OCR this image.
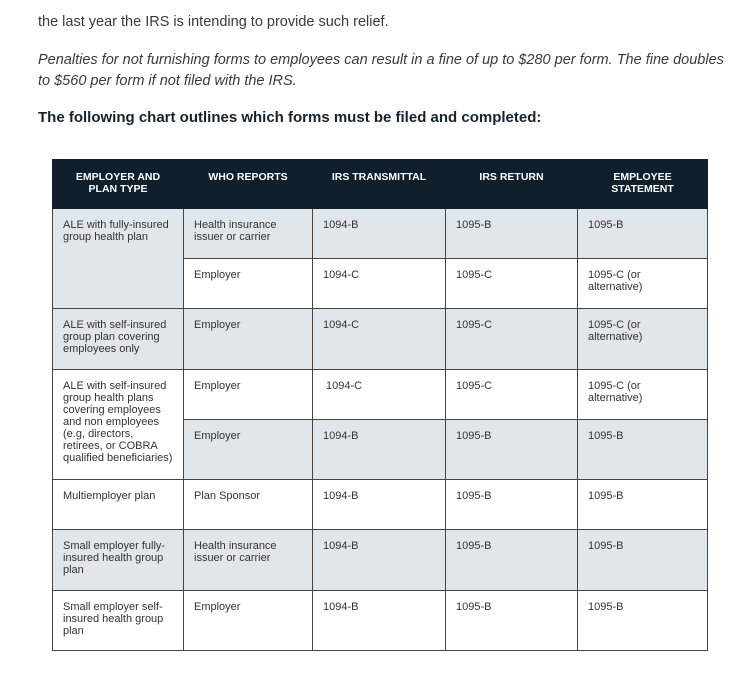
the last year the IRS is intending to provide such relief.

Penalties for not furnishing forms to employees can result in a fine of up to $280 per form. The fine doubles to $560 per form if not filed with the IRS.

The following chart outlines which forms must be filed and completed:

EMPLOYER AND PLAN TYPE	WHO REPORTS	IRS TRANSMITTAL	IRS RETURN	EMPLOYEE STATEMENT
ALE with fully-insured group health plan	Health insurance issuer or carrier	1094-B	1095-B	1095-B
	Employer	1094-C	1095-C	1095-C (or alternative)
ALE with self-insured group plan covering employees only	Employer	1094-C	1095-C	1095-C (or alternative)
ALE with self-insured group health plans covering employees and non employees (e.g, directors, retirees, or COBRA qualified beneficiaries)	Employer	1094-C	1095-C	1095-C (or alternative)
	Employer	1094-B	1095-B	1095-B
Multiemployer plan	Plan Sponsor	1094-B	1095-B	1095-B
Small employer fully-insured health group plan	Health insurance issuer or carrier	1094-B	1095-B	1095-B
Small employer self-insured health group plan	Employer	1094-B	1095-B	1095-B
